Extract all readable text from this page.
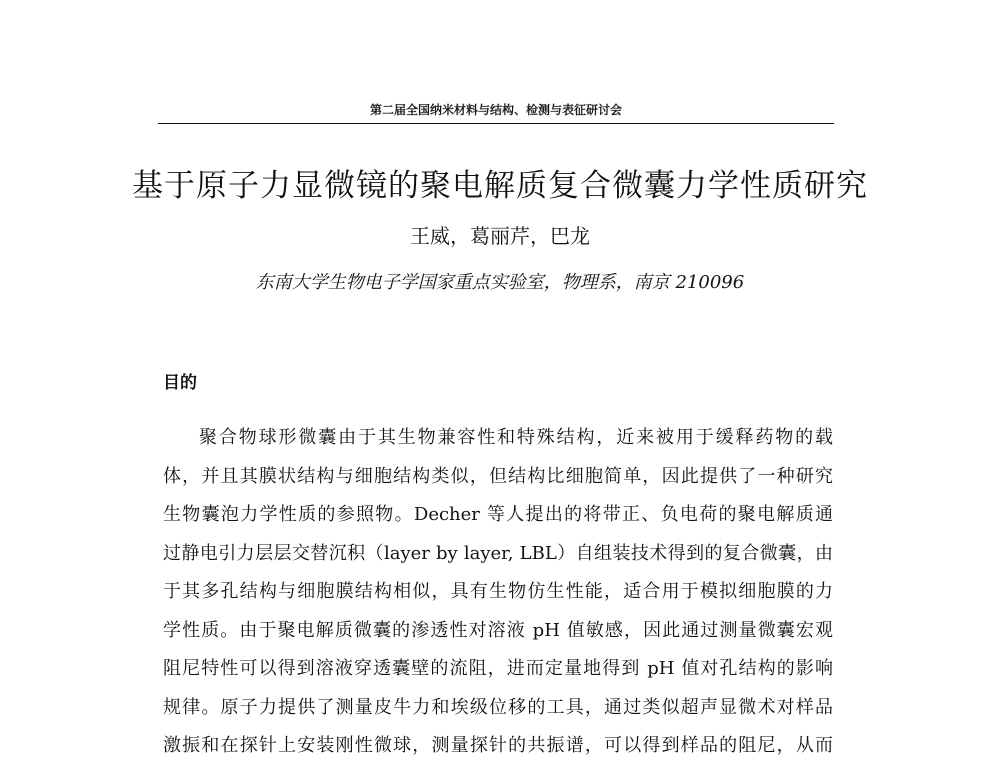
第二届全国纳米材料与结构、检测与表征研讨会
基于原子力显微镜的聚电解质复合微囊力学性质研究
王威，葛丽芹，巴龙
东南大学生物电子学国家重点实验室，物理系，南京 210096
目的
聚合物球形微囊由于其生物兼容性和特殊结构，近来被用于缓释药物的载
体，并且其膜状结构与细胞结构类似，但结构比细胞简单，因此提供了一种研究
生物囊泡力学性质的参照物。Decher 等人提出的将带正、负电荷的聚电解质通
过静电引力层层交替沉积（layer by layer, LBL）自组装技术得到的复合微囊，由
于其多孔结构与细胞膜结构相似，具有生物仿生性能，适合用于模拟细胞膜的力
学性质。由于聚电解质微囊的渗透性对溶液 pH 值敏感，因此通过测量微囊宏观
阻尼特性可以得到溶液穿透囊壁的流阻，进而定量地得到 pH 值对孔结构的影响
规律。原子力提供了测量皮牛力和埃级位移的工具，通过类似超声显微术对样品
激振和在探针上安装刚性微球，测量探针的共振谱，可以得到样品的阻尼，从而
